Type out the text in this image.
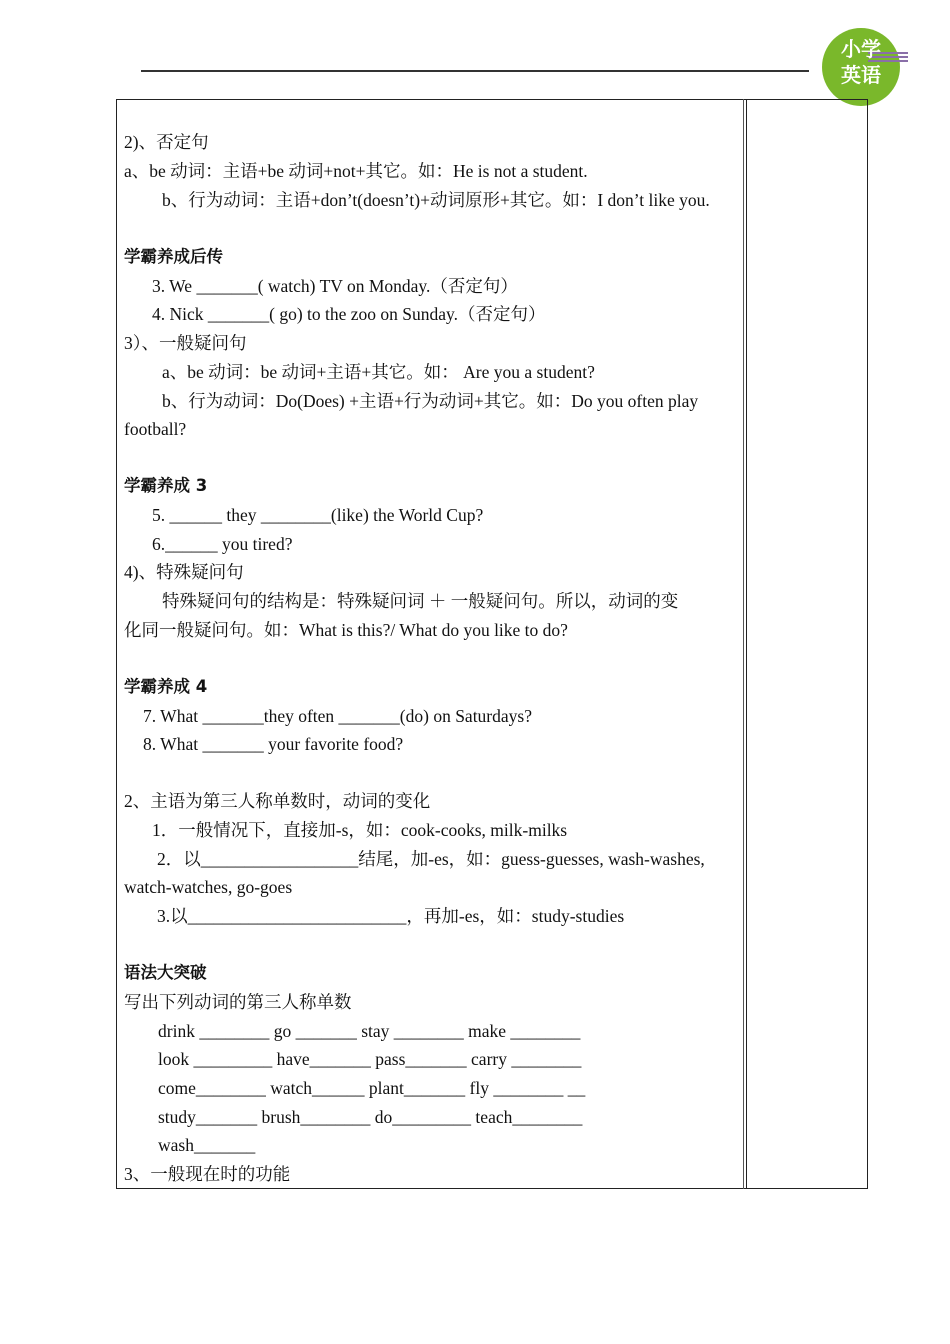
小学
英语
2)、否定句
a、be 动词：主语+be 动词+not+其它。如：He is not a student.
b、行为动词：主语+don’t(doesn’t)+动词原形+其它。如：I don’t like you.
学霸养成后传
3. We _______( watch) TV on Monday.（否定句）
4. Nick _______( go) to the zoo on Sunday.（否定句）
3）、一般疑问句
a、be 动词：be 动词+主语+其它。如： Are you a student?
b、行为动词：Do(Does) +主语+行为动词+其它。如：Do you often play
football?
学霸养成 3
5. ______ they ________(like) the World Cup?
6.______ you tired?
4)、特殊疑问句
特殊疑问句的结构是：特殊疑问词 ＋ 一般疑问句。所以，动词的变
化同一般疑问句。如：What is this?/ What do you like to do?
学霸养成 4
7. What _______they often _______(do) on Saturdays?
8. What _______ your favorite food?
2、主语为第三人称单数时，动词的变化
1．一般情况下，直接加-s，如：cook-cooks, milk-milks
2．以__________________结尾，加-es，如：guess-guesses, wash-washes,
watch-watches, go-goes
3.以_________________________，再加-es，如：study-studies
语法大突破
写出下列动词的第三人称单数
drink ________ go _______ stay ________ make ________
look _________ have_______ pass_______ carry ________
come________ watch______ plant_______ fly ________ __
study_______ brush________ do_________ teach________
wash_______
3、一般现在时的功能
